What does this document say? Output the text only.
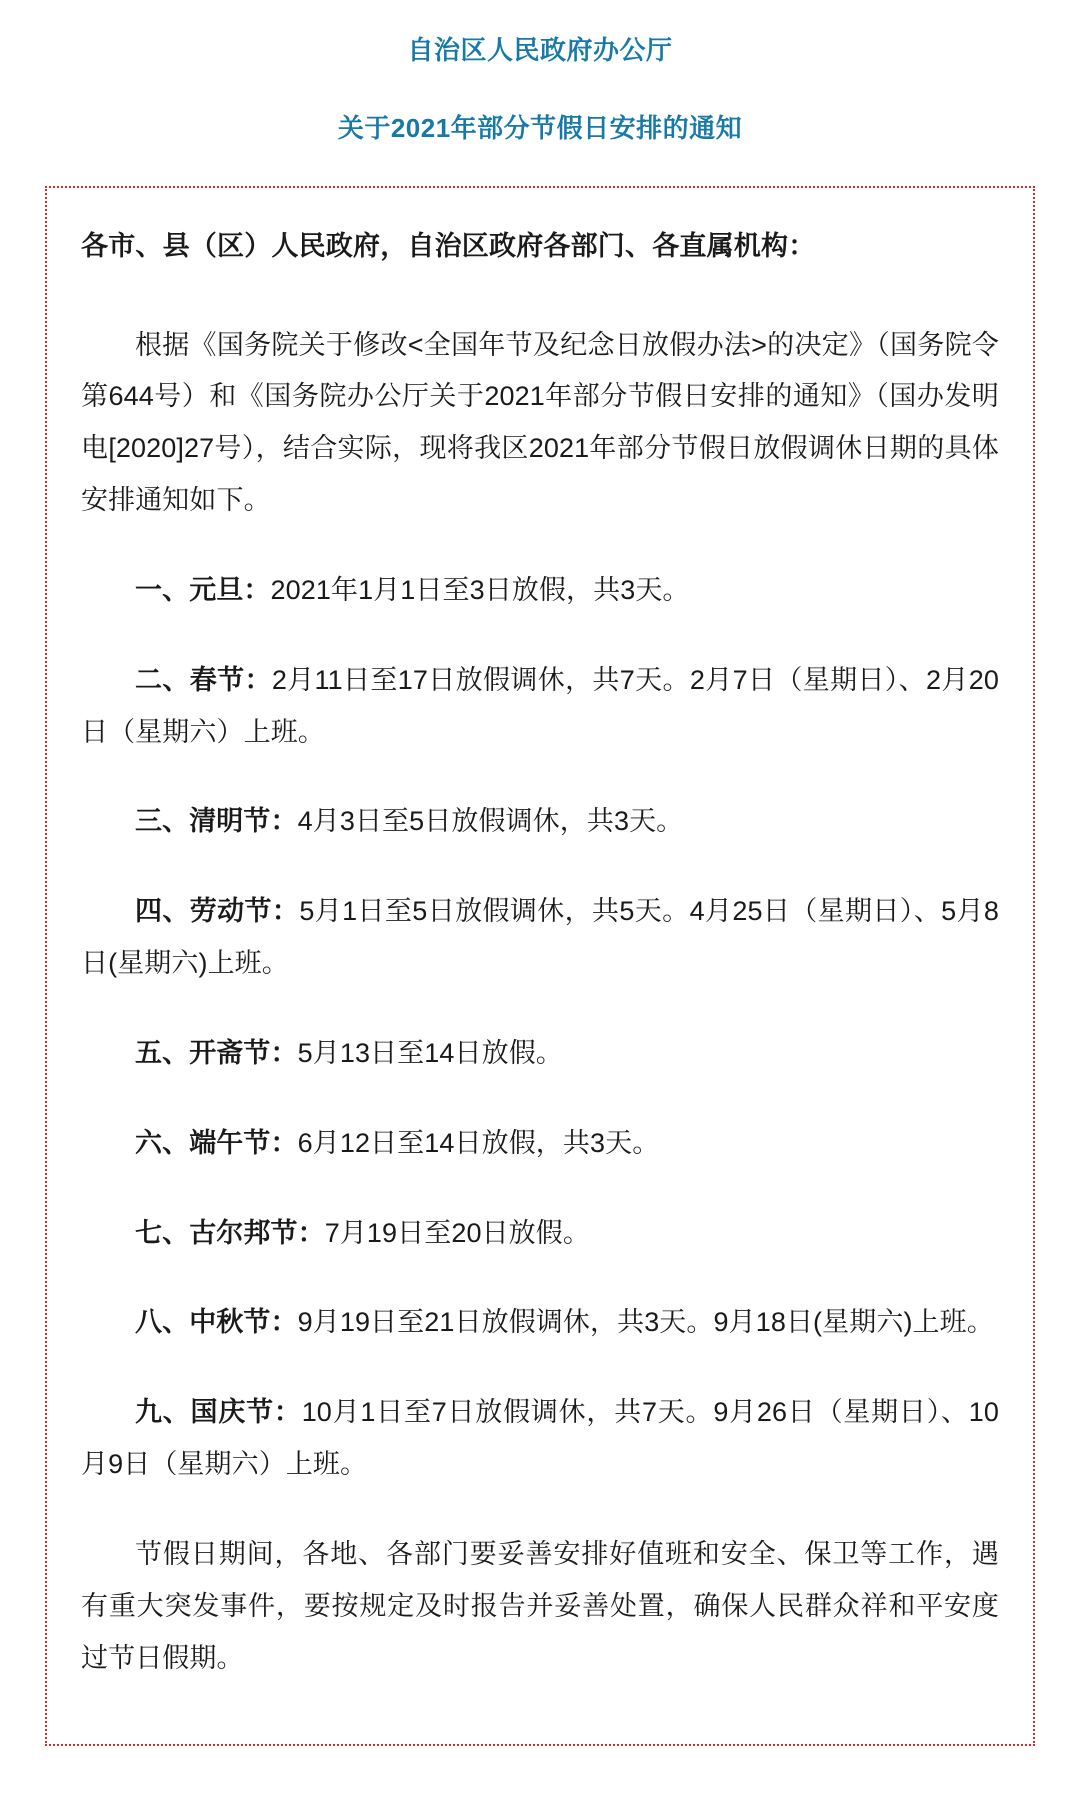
自治区人民政府办公厅
关于2021年部分节假日安排的通知
各市、县（区）人民政府，自治区政府各部门、各直属机构：
根据《国务院关于修改<全国年节及纪念日放假办法>的决定》（国务院令第644号）和《国务院办公厅关于2021年部分节假日安排的通知》（国办发明电[2020]27号），结合实际，现将我区2021年部分节假日放假调休日期的具体安排通知如下。
一、元旦：2021年1月1日至3日放假，共3天。
二、春节：2月11日至17日放假调休，共7天。2月7日（星期日）、2月20日（星期六）上班。
三、清明节：4月3日至5日放假调休，共3天。
四、劳动节：5月1日至5日放假调休，共5天。4月25日（星期日）、5月8日(星期六)上班。
五、开斋节：5月13日至14日放假。
六、端午节：6月12日至14日放假，共3天。
七、古尔邦节：7月19日至20日放假。
八、中秋节：9月19日至21日放假调休，共3天。9月18日(星期六)上班。
九、国庆节：10月1日至7日放假调休，共7天。9月26日（星期日）、10月9日（星期六）上班。
节假日期间，各地、各部门要妥善安排好值班和安全、保卫等工作，遇有重大突发事件，要按规定及时报告并妥善处置，确保人民群众祥和平安度过节日假期。
